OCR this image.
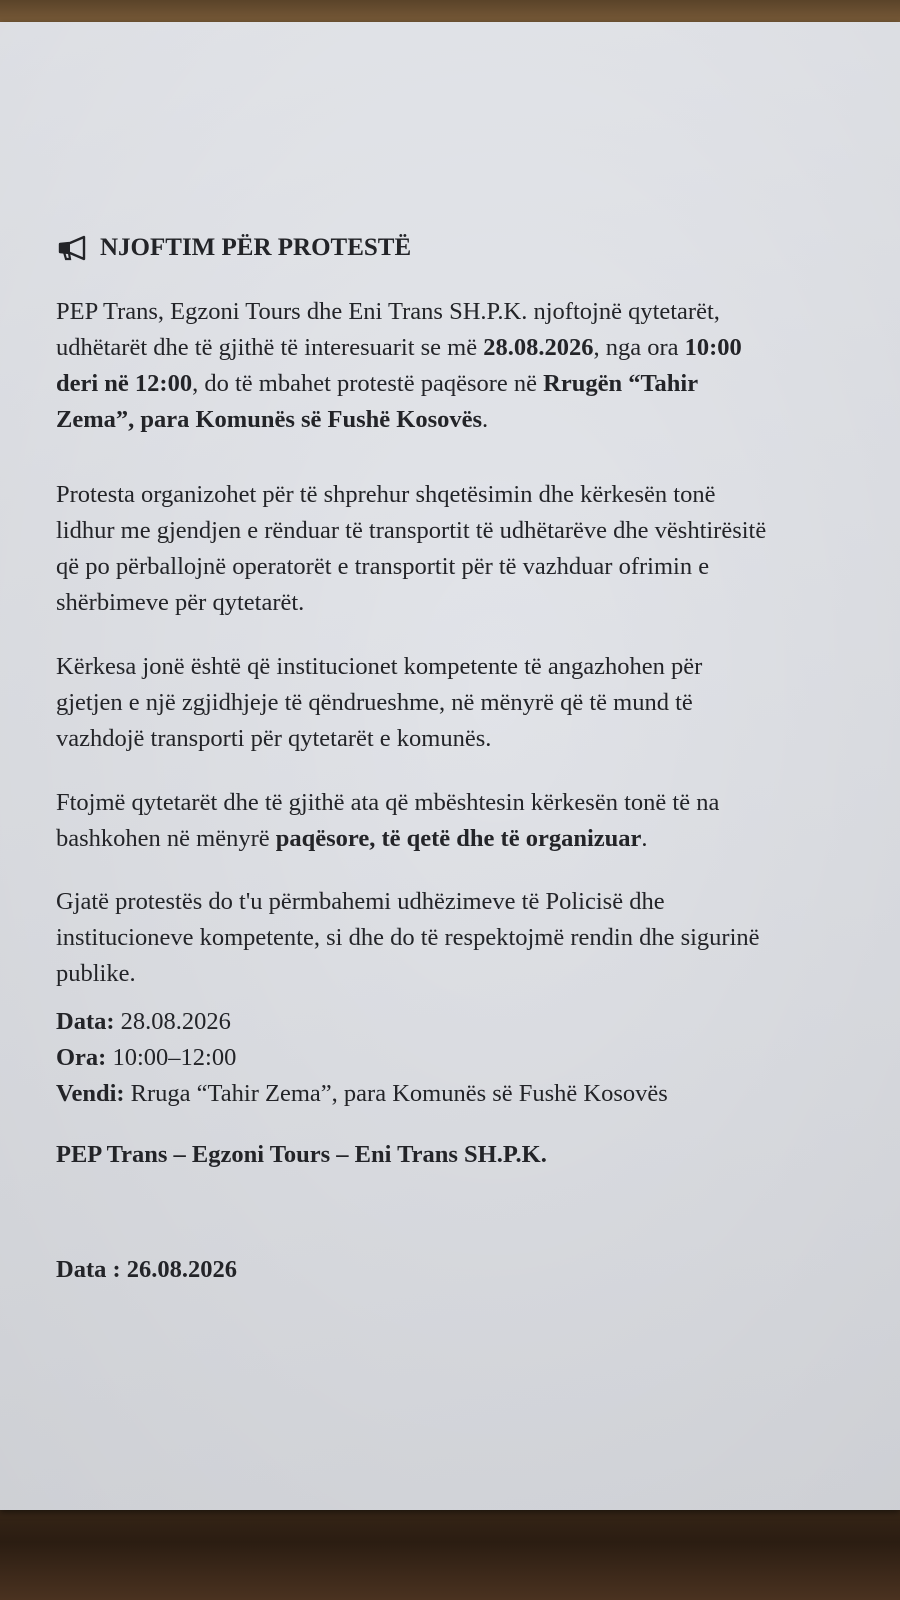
NJOFTIM PËR PROTESTË

PEP Trans, Egzoni Tours dhe Eni Trans SH.P.K. njoftojnë qytetarët,
udhëtarët dhe të gjithë të interesuarit se më 28.08.2026, nga ora 10:00
deri në 12:00, do të mbahet protestë paqësore në Rrugën “Tahir
Zema”, para Komunës së Fushë Kosovës.

Protesta organizohet për të shprehur shqetësimin dhe kërkesën tonë
lidhur me gjendjen e rënduar të transportit të udhëtarëve dhe vështirësitë
që po përballojnë operatorët e transportit për të vazhduar ofrimin e
shërbimeve për qytetarët.

Kërkesa jonë është që institucionet kompetente të angazhohen për
gjetjen e një zgjidhjeje të qëndrueshme, në mënyrë që të mund të
vazhdojë transporti për qytetarët e komunës.

Ftojmë qytetarët dhe të gjithë ata që mbështesin kërkesën tonë të na
bashkohen në mënyrë paqësore, të qetë dhe të organizuar.

Gjatë protestës do t'u përmbahemi udhëzimeve të Policisë dhe
institucioneve kompetente, si dhe do të respektojmë rendin dhe sigurinë
publike.

Data: 28.08.2026
Ora: 10:00–12:00
Vendi: Rruga “Tahir Zema”, para Komunës së Fushë Kosovës

PEP Trans – Egzoni Tours – Eni Trans SH.P.K.
Data : 26.08.2026
